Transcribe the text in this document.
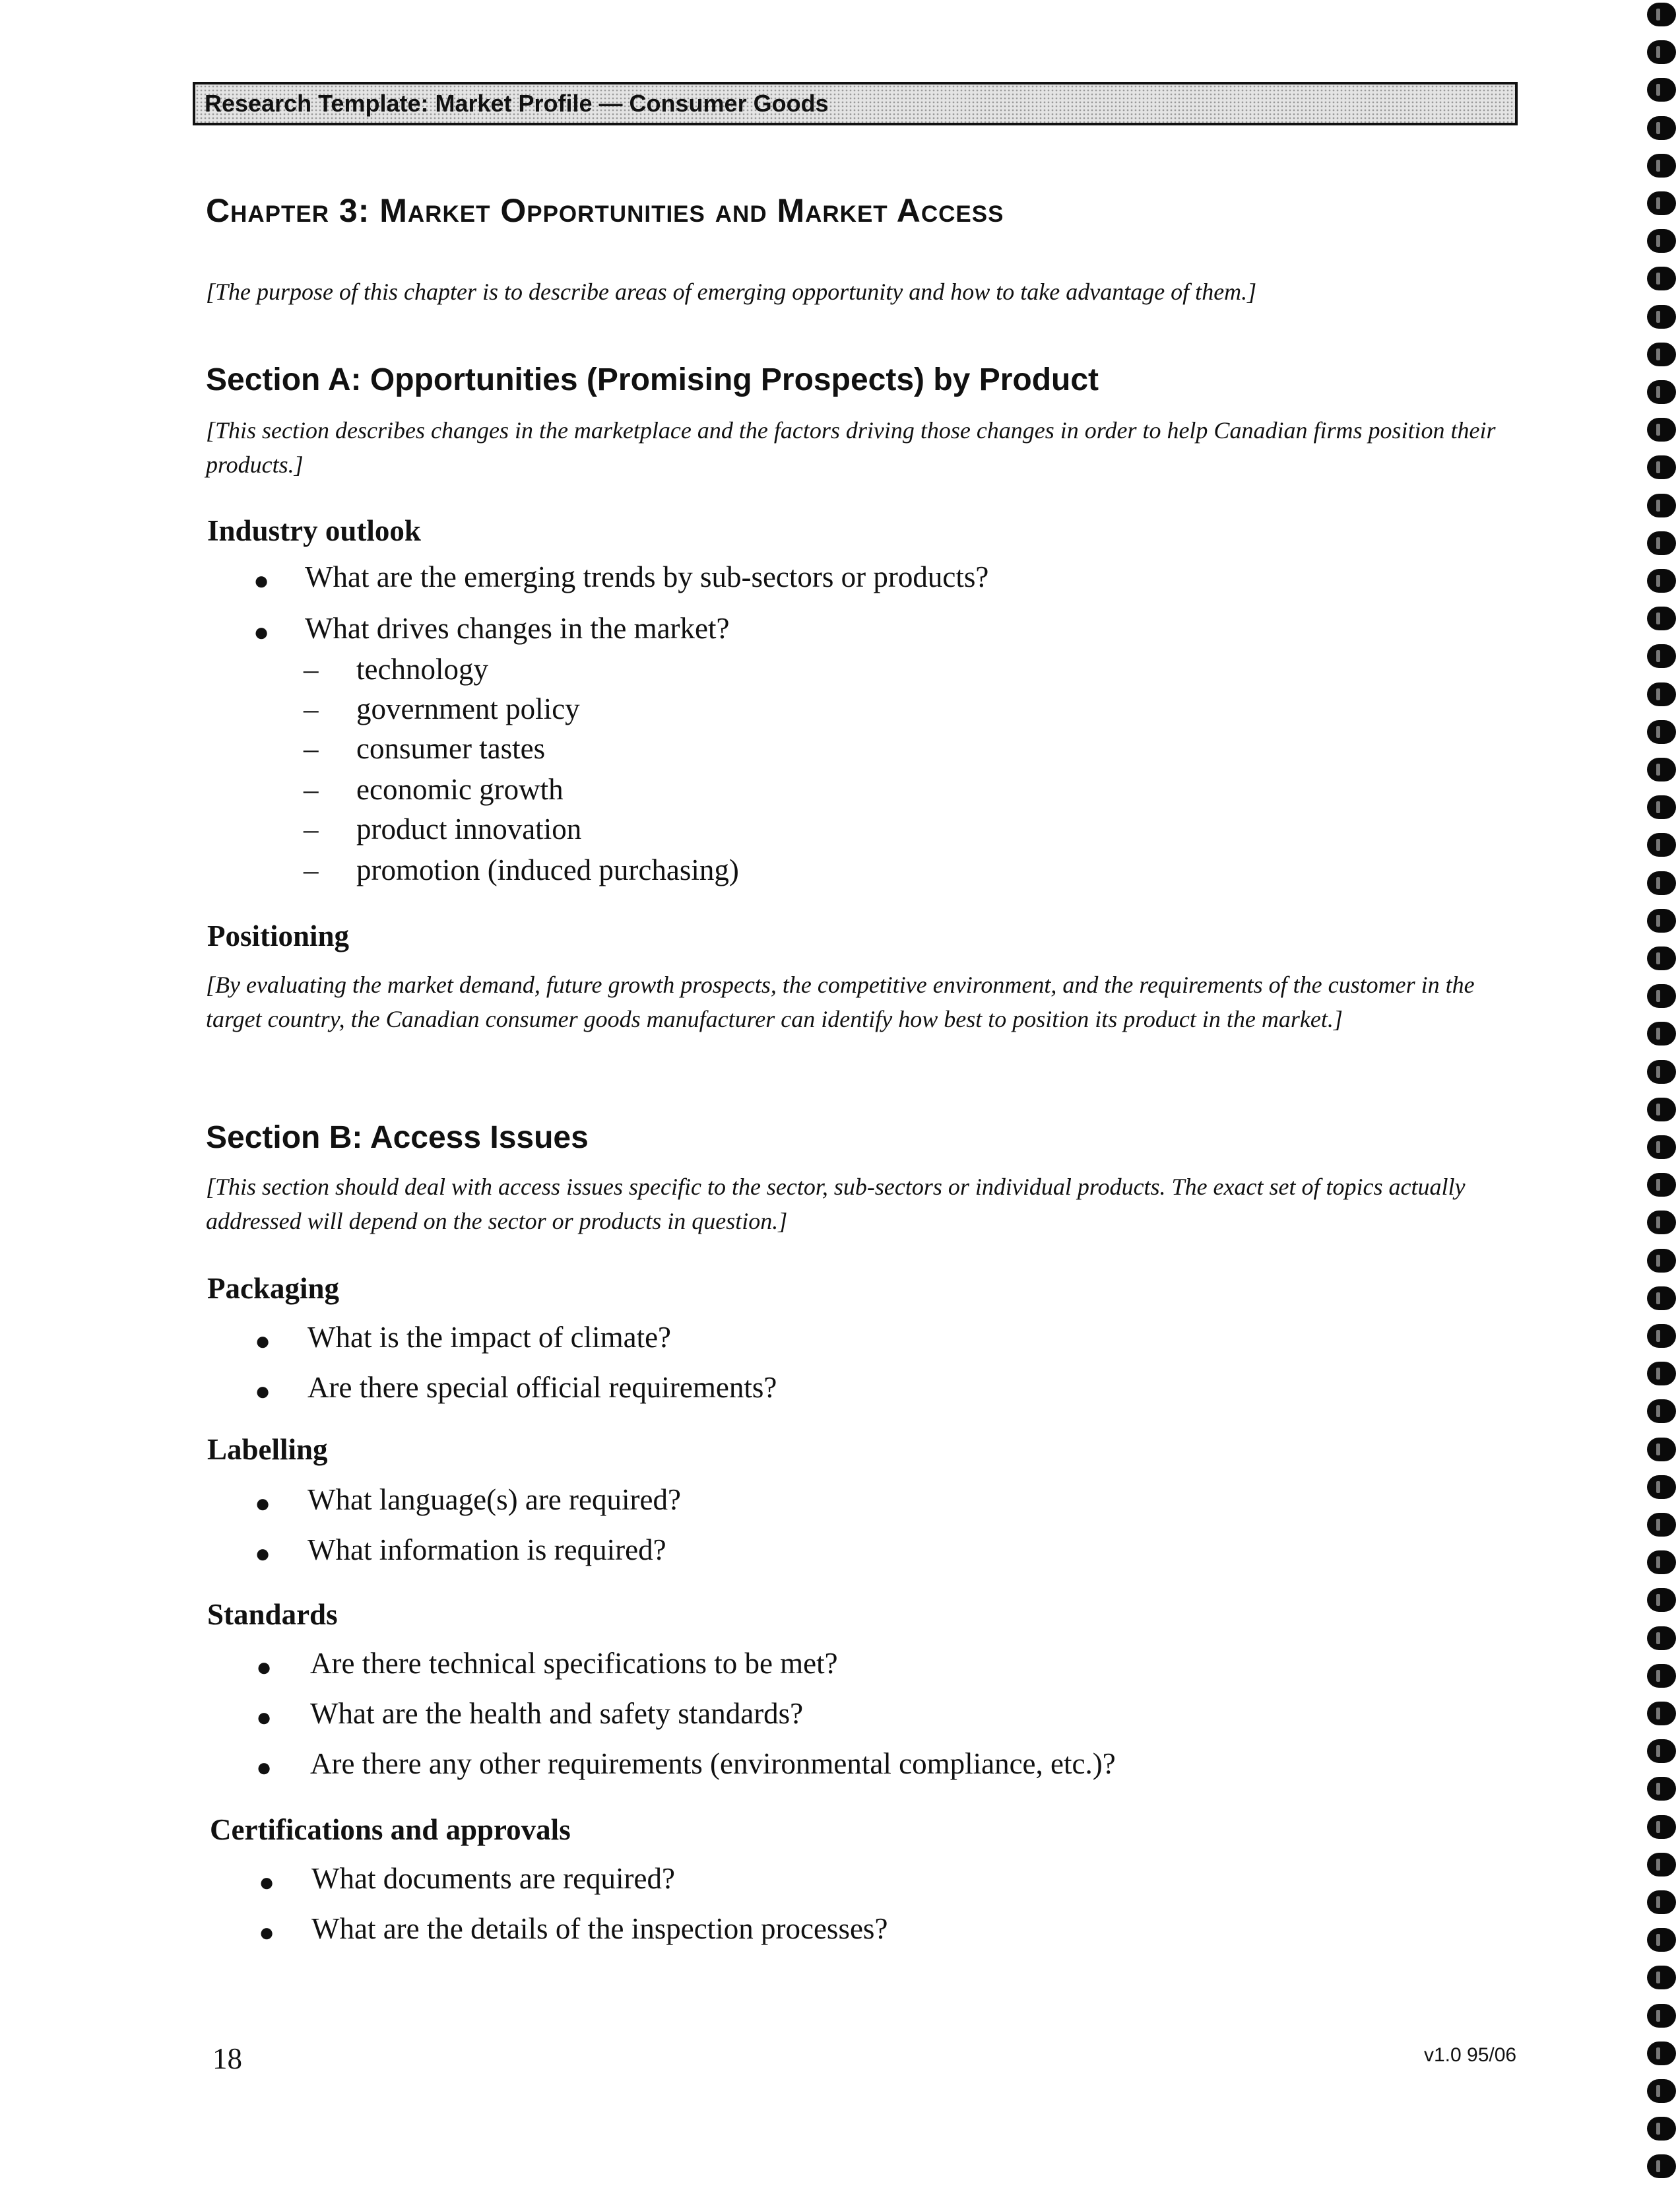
Research Template: Market Profile — Consumer Goods
Chapter 3: Market Opportunities and Market Access
[The purpose of this chapter is to describe areas of emerging opportunity and how to take advantage of them.]
Section A: Opportunities (Promising Prospects) by Product
[This section describes changes in the marketplace and the factors driving those changes in order to help Canadian firms position their products.]
Industry outlook
● What are the emerging trends by sub-sectors or products?
● What drives changes in the market?
– technology
– government policy
– consumer tastes
– economic growth
– product innovation
– promotion (induced purchasing)
Positioning
[By evaluating the market demand, future growth prospects, the competitive environment, and the requirements of the customer in the target country, the Canadian consumer goods manufacturer can identify how best to position its product in the market.]
Section B: Access Issues
[This section should deal with access issues specific to the sector, sub-sectors or individual products. The exact set of topics actually addressed will depend on the sector or products in question.]
Packaging
● What is the impact of climate?
● Are there special official requirements?
Labelling
● What language(s) are required?
● What information is required?
Standards
● Are there technical specifications to be met?
● What are the health and safety standards?
● Are there any other requirements (environmental compliance, etc.)?
Certifications and approvals
● What documents are required?
● What are the details of the inspection processes?
18	v1.0 95/06
